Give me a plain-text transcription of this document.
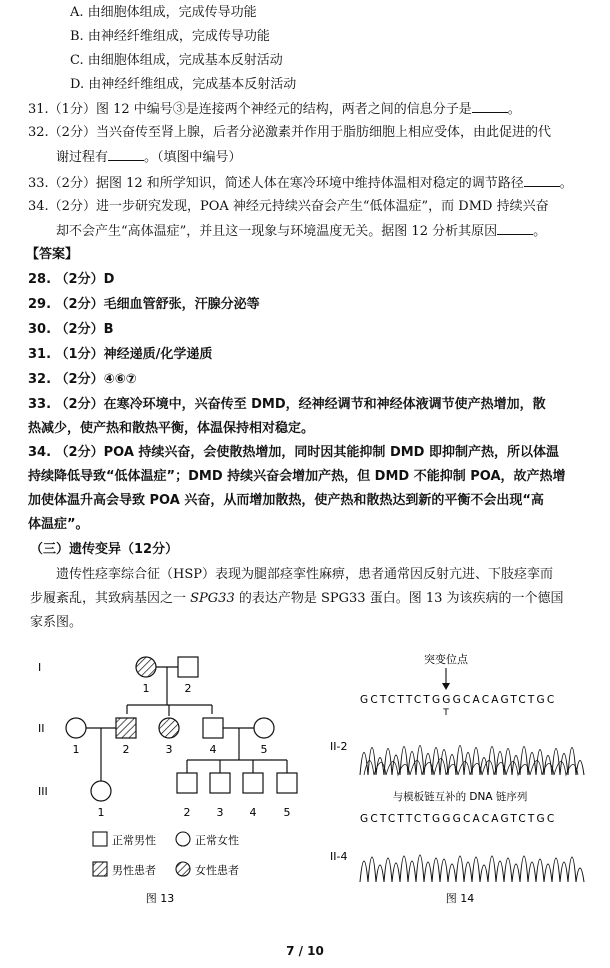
A. 由细胞体组成，完成传导功能
B. 由神经纤维组成，完成传导功能
C. 由细胞体组成，完成基本反射活动
D. 由神经纤维组成，完成基本反射活动
31.（1分）图 12 中编号③是连接两个神经元的结构，两者之间的信息分子是	。
32.（2分）当兴奋传至肾上腺，后者分泌激素并作用于脂肪细胞上相应受体，由此促进的代
谢过程有	。（填图中编号）
33.（2分）据图 12 和所学知识，简述人体在寒冷环境中维持体温相对稳定的调节路径	。
34.（2分）进一步研究发现，POA 神经元持续兴奋会产生“低体温症”，而 DMD 持续兴奋
却不会产生“高体温症”，并且这一现象与环境温度无关。据图 12 分析其原因	。
【答案】
28. （2分）D
29. （2分）毛细血管舒张，汗腺分泌等
30. （2分）B
31. （1分）神经递质/化学递质
32. （2分）④⑥⑦
33. （2分）在寒冷环境中，兴奋传至 DMD，经神经调节和神经体液调节使产热增加，散
热减少，使产热和散热平衡，体温保持相对稳定。
34. （2分）POA 持续兴奋，会使散热增加，同时因其能抑制 DMD 即抑制产热，所以体温
持续降低导致“低体温症”；DMD 持续兴奋会增加产热，但 DMD 不能抑制 POA，故产热增
加使体温升高会导致 POA 兴奋，从而增加散热，使产热和散热达到新的平衡不会出现“高
体温症”。
（三）遗传变异（12分）
遗传性痉挛综合征（HSP）表现为腿部痉挛性麻痹，患者通常因反射亢进、下肢痉挛而
步履紊乱，其致病基因之一 SPG33 的表达产物是 SPG33 蛋白。图 13 为该疾病的一个德国
家系图。
1	2
1	2	3	4	5
1	2 3 4 5
I
II
III
正常男性	正常女性
男性患者	女性患者
图 13
突变位点
GCTCTTCTGGGCACAGTCTGC
T
II-2
与模板链互补的 DNA 链序列
GCTCTTCTGGGCACAGTCTGC
II-4
图 14
7 / 10
